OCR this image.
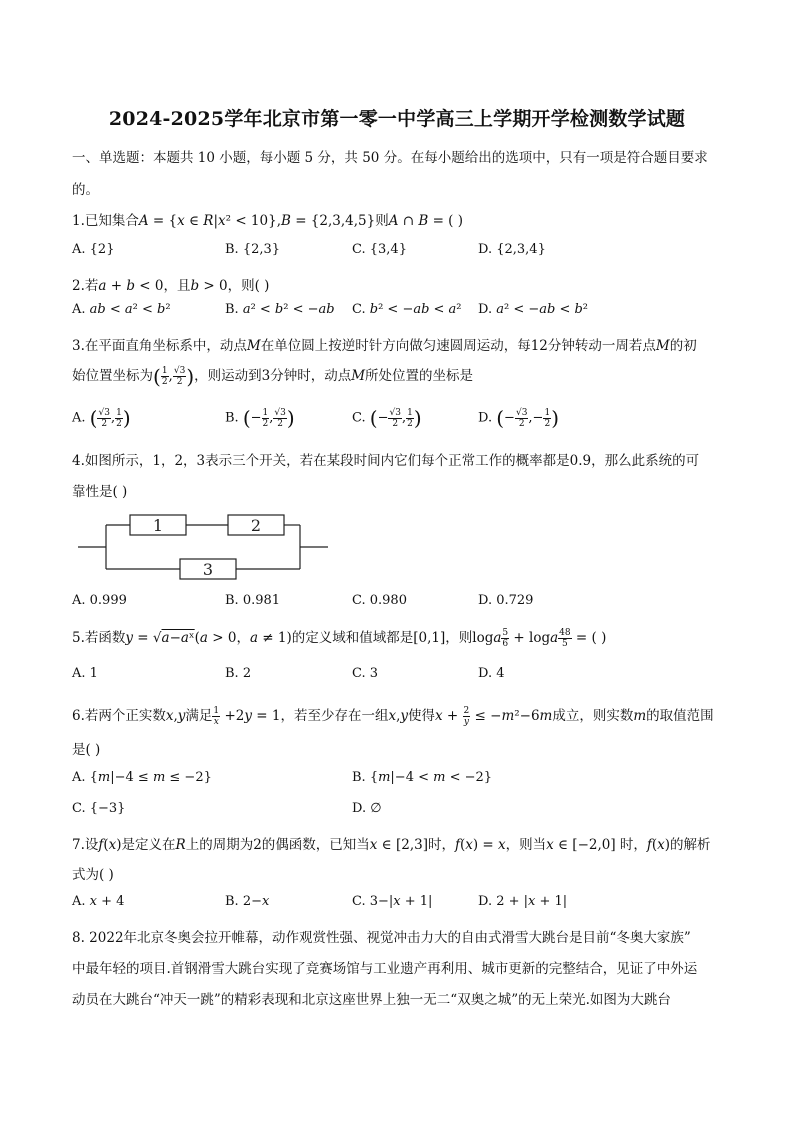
2024-2025学年北京市第一零一中学高三上学期开学检测数学试题
一、单选题：本题共 10 小题，每小题 5 分，共 50 分。在每小题给出的选项中，只有一项是符合题目要求
的。
1.已知集合𝐴 = {𝑥 ∈ 𝑅|𝑥² < 10},𝐵 = {2,3,4,5}则𝐴 ∩ 𝐵 = ( )
A. {2}	B. {2,3}	C. {3,4}	D. {2,3,4}
2.若𝑎 + 𝑏 < 0，且𝑏 > 0，则( )
A. 𝑎𝑏 < 𝑎² < 𝑏²	B. 𝑎² < 𝑏² < −𝑎𝑏 C. 𝑏² < −𝑎𝑏 < 𝑎² D. 𝑎² < −𝑎𝑏 < 𝑏²
3.在平面直角坐标系中，动点𝑀在单位圆上按逆时针方向做匀速圆周运动，每12分钟转动一周若点𝑀的初
始位置坐标为( $\frac{1}{2}$ , $\frac{√3}{2}$ )，则运动到3分钟时，动点𝑀所处位置的坐标是
A. ( $\frac{√3}{2}$ , $\frac{1}{2}$ )	B. (− $\frac{1}{2}$ , $\frac{√3}{2}$ )	C. (− $\frac{√3}{2}$ , $\frac{1}{2}$ )	D. (− $\frac{√3}{2}$ ,− $\frac{1}{2}$ )
4.如图所示，1，2，3表示三个开关，若在某段时间内它们每个正常工作的概率都是0.9，那么此系统的可
靠性是( )
1	2
3
A. 0.999	B. 0.981	C. 0.980	D. 0.729
5.若函数𝑦 = √𝑎−𝑎ˣ(𝑎 > 0，𝑎 ≠ 1)的定义域和值域都是[0,1]，则log𝑎 $\frac{5}{6}$ + log𝑎 $\frac{48}{5}$ = ( )
A. 1	B. 2	C. 3	D. 4
6.若两个正实数𝑥,𝑦满足 $\frac{1}{\text{𝑥}}$ +2𝑦 = 1，若至少存在一组𝑥,𝑦使得𝑥 + $\frac{2}{\text{𝑦}}$ ≤ −𝑚²−6𝑚成立，则实数𝑚的取值范围
是( )
A. {𝑚|−4 ≤ 𝑚 ≤ −2}	B. {𝑚|−4 < 𝑚 < −2}
C. {−3}	D. ∅
7.设𝑓(𝑥)是定义在𝑅上的周期为2的偶函数，已知当𝑥 ∈ [2,3]时，𝑓(𝑥) = 𝑥，则当𝑥 ∈ [−2,0] 时，𝑓(𝑥)的解析
式为( )
A. 𝑥 + 4	B. 2−𝑥	C. 3−|𝑥 + 1|	D. 2 + |𝑥 + 1|
8. 2022年北京冬奥会拉开帷幕，动作观赏性强、视觉冲击力大的自由式滑雪大跳台是目前“冬奥大家族”
中最年轻的项目.首钢滑雪大跳台实现了竞赛场馆与工业遗产再利用、城市更新的完整结合，见证了中外运
动员在大跳台“冲天一跳”的精彩表现和北京这座世界上独一无二“双奥之城”的无上荣光.如图为大跳台
